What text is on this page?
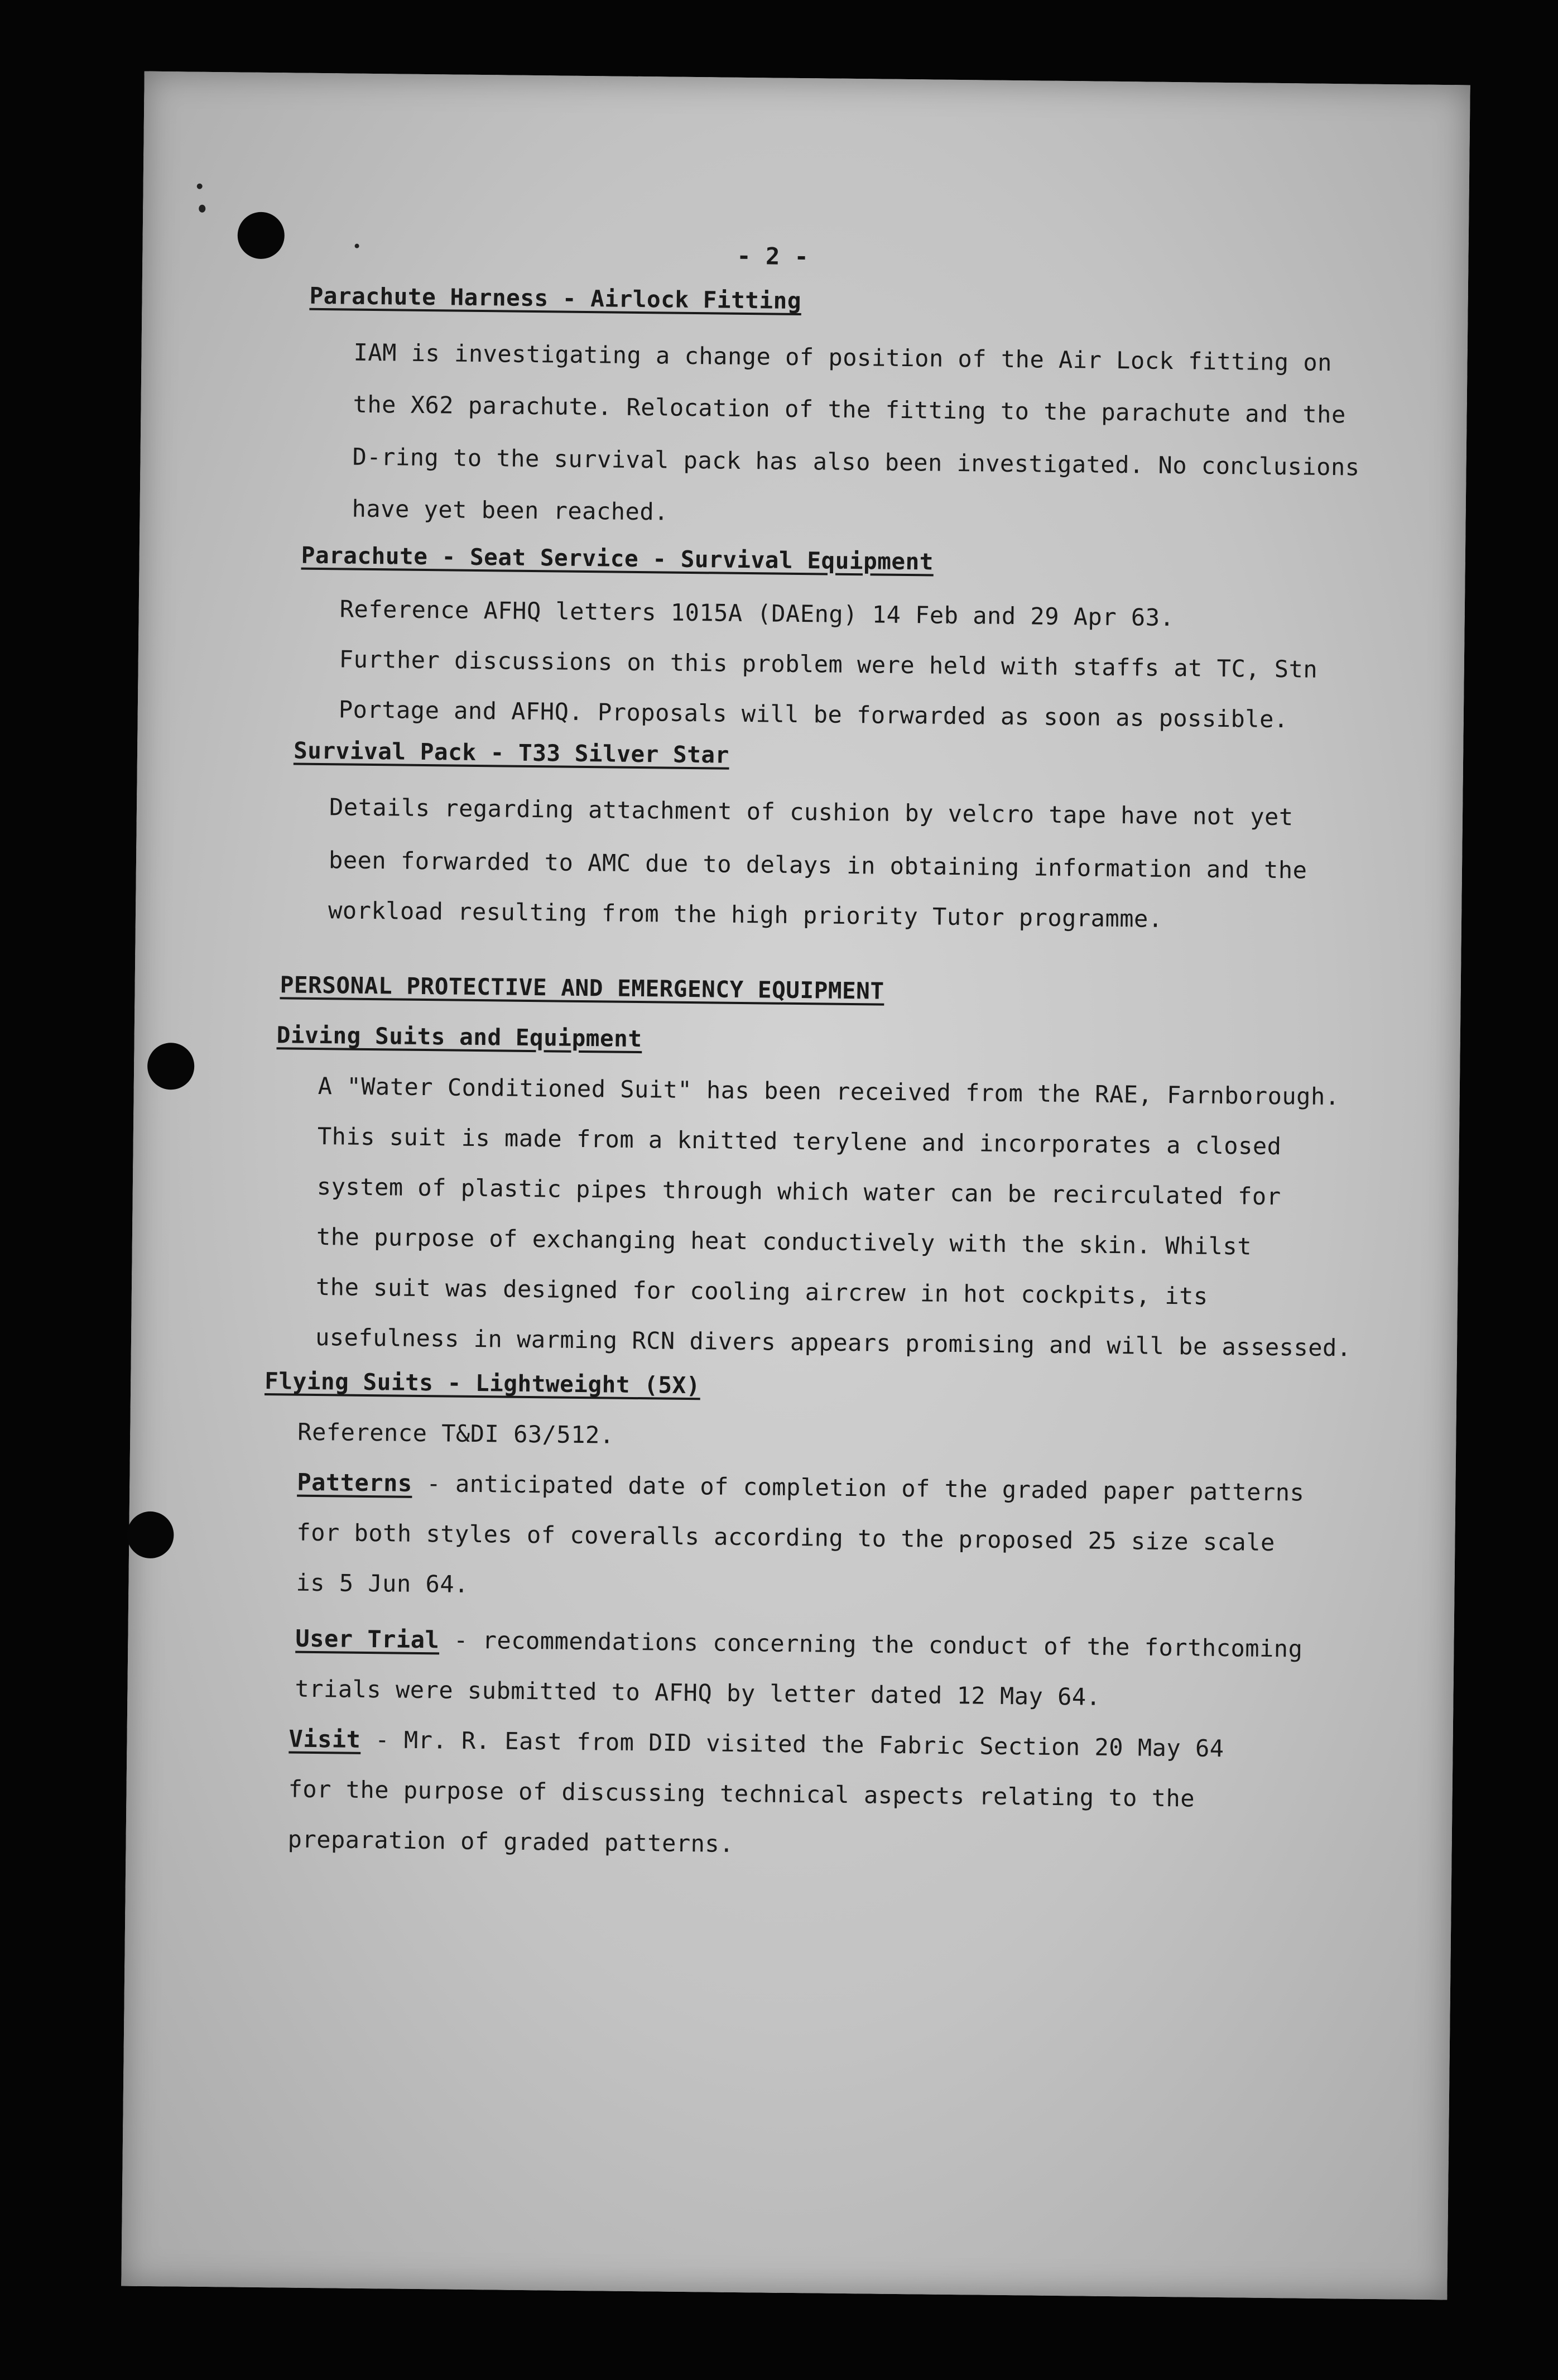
- 2 -
Parachute Harness - Airlock Fitting
IAM is investigating a change of position of the Air Lock fitting on
the X62 parachute. Relocation of the fitting to the parachute and the
D-ring to the survival pack has also been investigated. No conclusions
have yet been reached.
Parachute - Seat Service - Survival Equipment
Reference AFHQ letters 1015A (DAEng) 14 Feb and 29 Apr 63.
Further discussions on this problem were held with staffs at TC, Stn
Portage and AFHQ. Proposals will be forwarded as soon as possible.
Survival Pack - T33 Silver Star
Details regarding attachment of cushion by velcro tape have not yet
been forwarded to AMC due to delays in obtaining information and the
workload resulting from the high priority Tutor programme.
PERSONAL PROTECTIVE AND EMERGENCY EQUIPMENT
Diving Suits and Equipment
A "Water Conditioned Suit" has been received from the RAE, Farnborough.
This suit is made from a knitted terylene and incorporates a closed
system of plastic pipes through which water can be recirculated for
the purpose of exchanging heat conductively with the skin. Whilst
the suit was designed for cooling aircrew in hot cockpits, its
usefulness in warming RCN divers appears promising and will be assessed.
Flying Suits - Lightweight (5X)
Reference T&DI 63/512.
Patterns - anticipated date of completion of the graded paper patterns
for both styles of coveralls according to the proposed 25 size scale
is 5 Jun 64.
User Trial - recommendations concerning the conduct of the forthcoming
trials were submitted to AFHQ by letter dated 12 May 64.
Visit - Mr. R. East from DID visited the Fabric Section 20 May 64
for the purpose of discussing technical aspects relating to the
preparation of graded patterns.
